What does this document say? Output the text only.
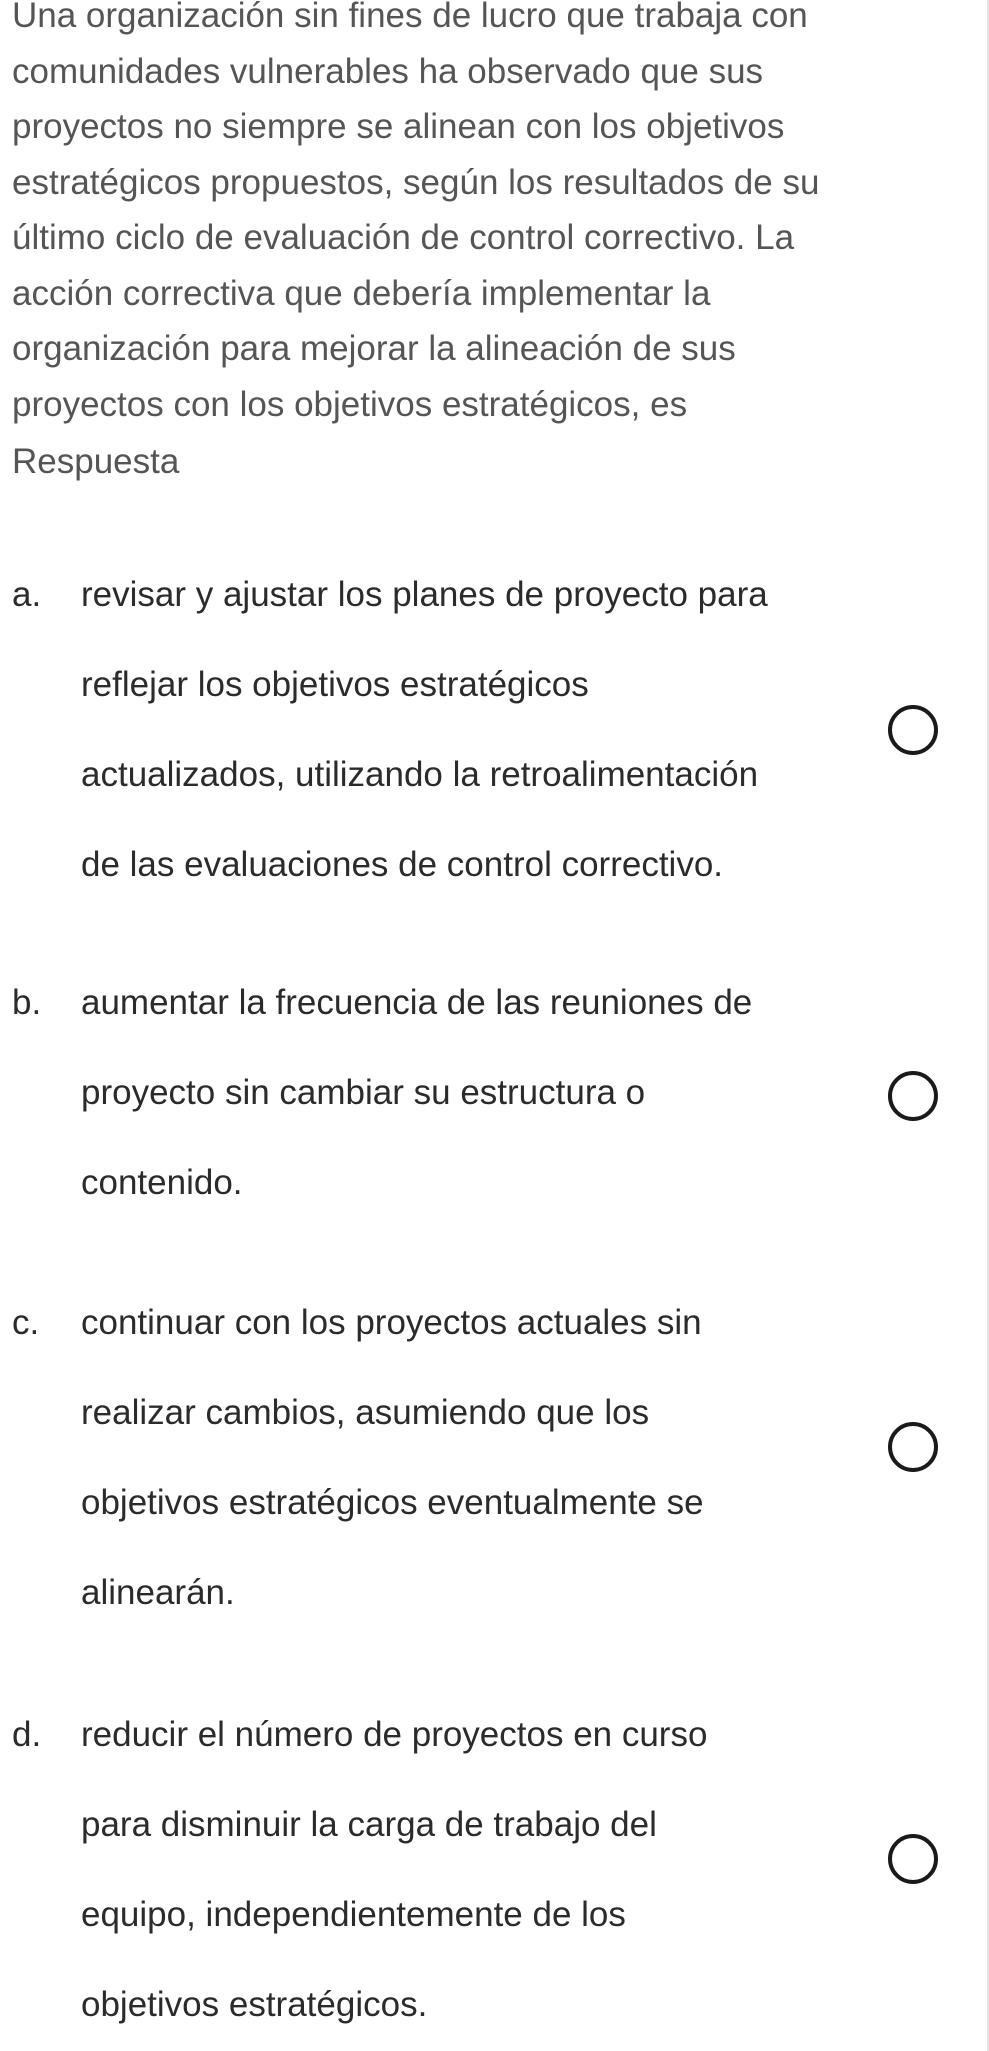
Una organización sin fines de lucro que trabaja con
comunidades vulnerables ha observado que sus
proyectos no siempre se alinean con los objetivos
estratégicos propuestos, según los resultados de su
último ciclo de evaluación de control correctivo. La
acción correctiva que debería implementar la
organización para mejorar la alineación de sus
proyectos con los objetivos estratégicos, es
Respuesta
a. revisar y ajustar los planes de proyecto para
reflejar los objetivos estratégicos
actualizados, utilizando la retroalimentación
de las evaluaciones de control correctivo.
b. aumentar la frecuencia de las reuniones de
proyecto sin cambiar su estructura o
contenido.
c. continuar con los proyectos actuales sin
realizar cambios, asumiendo que los
objetivos estratégicos eventualmente se
alinearán.
d. reducir el número de proyectos en curso
para disminuir la carga de trabajo del
equipo, independientemente de los
objetivos estratégicos.
